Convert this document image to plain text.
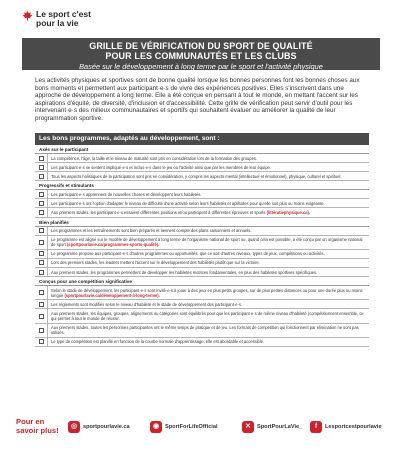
Le sport c'est
pour la vie
GRILLE DE VÉRIFICATION DU SPORT DE QUALITÉ
POUR LES COMMUNAUTÉS ET LES CLUBS
Basée sur le développement à long terme par le sport et l'activité physique

Les activités physiques et sportives sont de bonne qualité lorsque les bonnes personnes font les bonnes choses aux bons moments et permettent aux participant·e·s de vivre des expériences positives. Elles s'inscrivent dans une approche de développement à long terme. Elle a été conçue en pensant à tout le monde, en mettant l'accent sur les aspirations d'équité, de diversité, d'inclusion et d'accessibilité. Cette grille de vérification peut servir d'outil pour les intervenant·e·s des milieux communautaires et sportifs qui souhaitent évaluer ou améliorer la qualité de leur programmation sportive.

Les bons programmes, adaptés au développement, sont :
Axés sur le participant
La compétence, l'âge, la taille et le niveau de maturité sont pris en considération lors de la formation des groupes.
Les participant·e·s se sentent impliqué·e·s et inclus·e·s dans le jeu ou l'activité ainsi que par les membres de leur équipe.
Tous les aspects holistiques de la participation sont pris en considération, y compris les aspects mental (intellectuel et émotionnel), physique, culturel et spirituel.
Progressifs et stimulants
Les participant·e·s apprennent de nouvelles choses et développent leurs habiletés.
Les participant·e·s ont l'option d'adapter le niveau de difficulté d'une activité selon leurs habiletés et aptitudes pour qu'elle soit plus ou moins exigeante.
Aux premiers stades, les participant·e·s essaient différentes positions et/ou participent à différentes épreuves et sports (littératiephysique.ca).
Bien planifiés
Les programmes et les entraînements sont bien préparés et tiennent compte des plans saisonniers et annuels.
Le programme est aligné sur le modèle de développement à long terme de l'organisme national de sport ou, quand cela est possible, a été conçu par un organisme national de sport (sportpourlavie.ca/programmes-sports-qualité).
Le programme propose aux participant·e·s d'autres programmes ou opportunités, que ce soit d'autres niveaux, types de jeux, compétitions ou activités.
Lors des premiers stades, les leaders mettent l'accent sur le développement des habiletés plutôt que sur la victoire.
Aux premiers stades, les programmes permettent de développer les habiletés motrices fondamentales, en plus des habiletés sportives spécifiques.
Conçus pour une compétition significative
Selon le stade de développement, les participant·e·s sont invité·e·s à jouer à des jeux en plus petits groupes, sur de plus petites distances ou pour une durée plus ou moins longue (sportpourlavie.ca/développement-à-long-terme).
Les règlements sont modifiés selon le niveau d'habileté et le stade de développement des participant·e·s.
Aux premiers stades, les équipes, groupes, alignements ou catégories sont équilibrés pour que les participant·e·s de même niveau d'habileté (compétitionnent ensemble, ce qui permet à tout le monde de réussir.
Aux premiers stades, toutes les personnes participantes ont le même temps de pratique et de jeu. Les formats de compétition qui fonctionnent par élimination ne sont pas utilisés.
Le type de compétition est planifié en fonction de la courbe normale d'apprentissage, elle est abordable et accessible.
Pour en
savoir plus!	◎	sportpourlavie.ca	◉	SportForLifeOfficial	✕	SportPourLaVie_	f	Lesportcestpourlavie
